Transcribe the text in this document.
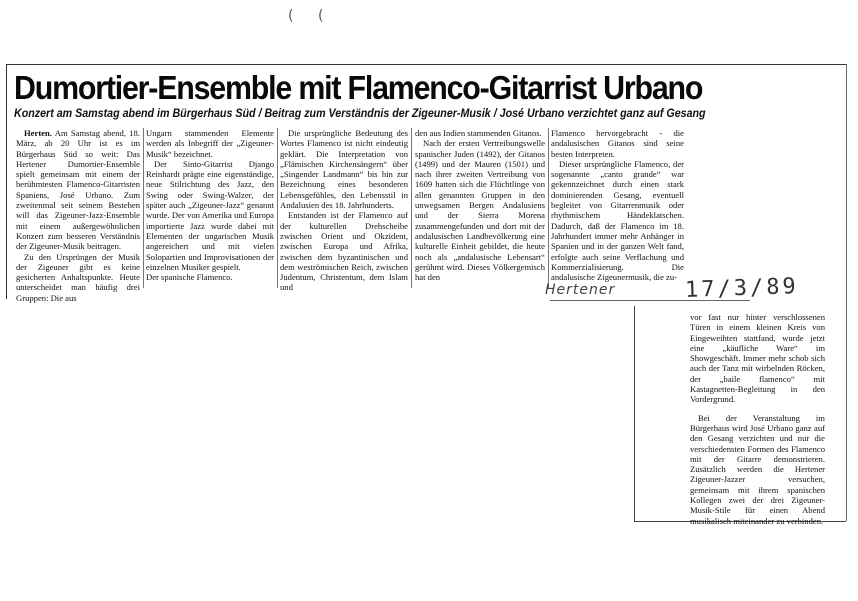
( (
Dumortier-Ensemble mit Flamenco-Gitarrist Urbano
Konzert am Samstag abend im Bürgerhaus Süd / Beitrag zum Verständnis der Zigeuner-Musik / José Urbano verzichtet ganz auf Gesang

Herten. Am Samstag abend, 18. März, ab 20 Uhr ist es im Bürgerhaus Süd so weit: Das Hertener Dumortier-Ensemble spielt gemeinsam mit einem der berühmtesten Flamenco-Gitarristen Spaniens, José Urbano. Zum zweitenmal seit seinem Bestehen will das Zigeuner-Jazz-Ensemble mit einem außergewöhnlichen Konzert zum besseren Verständnis der Zigeuner-Musik beitragen.

Zu den Ursprüngen der Musik der Zigeuner gibt es keine gesicherten Anhaltspunkte. Heute unterscheidet man häufig drei Gruppen: Die aus

Ungarn stammenden Elemente werden als Inbegriff der „Zigeuner-Musik“ bezeichnet.

Der Sinto-Gitarrist Django Reinhardt prägte eine eigenständige, neue Stilrichtung des Jazz, den Swing oder Swing-Walzer, der später auch „Zigeuner-Jazz“ genannt wurde. Der von Amerika und Europa importierte Jazz wurde dabei mit Elementen der ungarischen Musik angereichert und mit vielen Solopartien und Improvisationen der einzelnen Musiker gespielt.

Der spanische Flamenco.

Die ursprüngliche Bedeutung des Wortes Flamenco ist nicht eindeutig geklärt. Die Interpretation von „Flämischen Kirchensängern“ über „Singender Landmann“ bis hin zur Bezeichnung eines besonderen Lebensgefühles, den Lebensstil in Andalusien des 18. Jahrhunderts.

Entstanden ist der Flamenco auf der kulturellen Drehscheibe zwischen Orient und Okzident, zwischen Europa und Afrika, zwischen dem byzantinischen und dem weströmischen Reich, zwischen Judentum, Christentum, dem Islam und

den aus Indien stammenden Gitanos.

Nach der ersten Vertreibungswelle spanischer Juden (1492), der Gitanos (1499) und der Mauren (1501) und nach ihrer zweiten Vertreibung von 1609 hatten sich die Flüchtlinge von allen genannten Gruppen in den unwegsamen Bergen Andalusiens und der Sierra Morena zusammengefunden und dort mit der andalusischen Landbevölkerung eine kulturelle Einheit gebildet, die heute noch als „andalusische Lebensart“ gerühmt wird. Dieses Völkergemisch hat den

Flamenco hervorgebracht - die andalusischen Gitanos sind seine besten Interpreten.

Dieser ursprüngliche Flamenco, der sogenannte „canto grande“ war gekennzeichnet durch einen stark dominierenden Gesang, eventuell begleitet von Gitarrenmusik oder rhythmischem Händeklatschen. Dadurch, daß der Flamenco im 18. Jahrhundert immer mehr Anhänger in Spanien und in der ganzen Welt fand, erfolgte auch seine Verflachung und Kommerzialisierung. Die andalusische Zigeunermusik, die zu-

Hertener	17/3/89

vor fast nur hinter verschlossenen Türen in einem kleinen Kreis von Eingeweihten stattfand, wurde jetzt eine „käufliche Ware“ im Showgeschäft. Immer mehr schob sich auch der Tanz mit wirbelnden Röcken, der „baile flamenco“ mit Kastagnetten-Begleitung in den Vordergrund.

Bei der Veranstaltung im Bürgerhaus wird José Urbano ganz auf den Gesang verzichten und nur die verschiedensten Formen des Flamenco mit der Gitarre demonstrieren. Zusätzlich werden die Hertener Zigeuner-Jazzer versuchen, gemeinsam mit ihrem spanischen Kollegen zwei der drei Zigeuner-Musik-Stile für einen Abend musikalisch miteinander zu verbinden.
